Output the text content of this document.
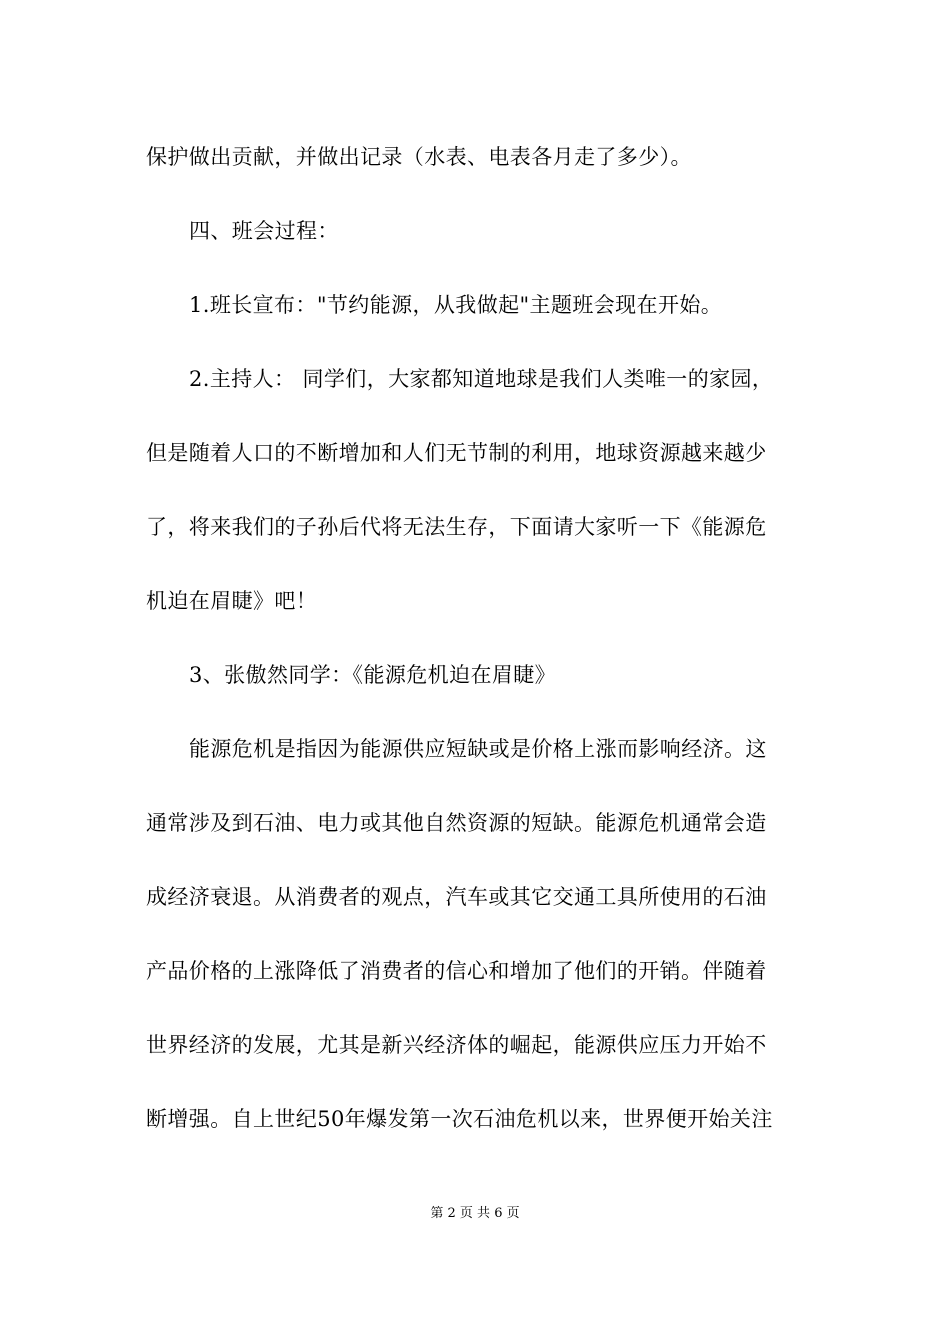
保护做出贡献，并做出记录（水表、电表各月走了多少）。
四、班会过程：
1.班长宣布："节约能源，从我做起"主题班会现在开始。
2.主持人： 同学们，大家都知道地球是我们人类唯一的家园，
但是随着人口的不断增加和人们无节制的利用，地球资源越来越少
了，将来我们的子孙后代将无法生存，下面请大家听一下《能源危
机迫在眉睫》吧！
3、张傲然同学：《能源危机迫在眉睫》
能源危机是指因为能源供应短缺或是价格上涨而影响经济。这
通常涉及到石油、电力或其他自然资源的短缺。能源危机通常会造
成经济衰退。从消费者的观点，汽车或其它交通工具所使用的石油
产品价格的上涨降低了消费者的信心和增加了他们的开销。伴随着
世界经济的发展，尤其是新兴经济体的崛起，能源供应压力开始不
断增强。自上世纪50年爆发第一次石油危机以来，世界便开始关注
第 2 页 共 6 页
